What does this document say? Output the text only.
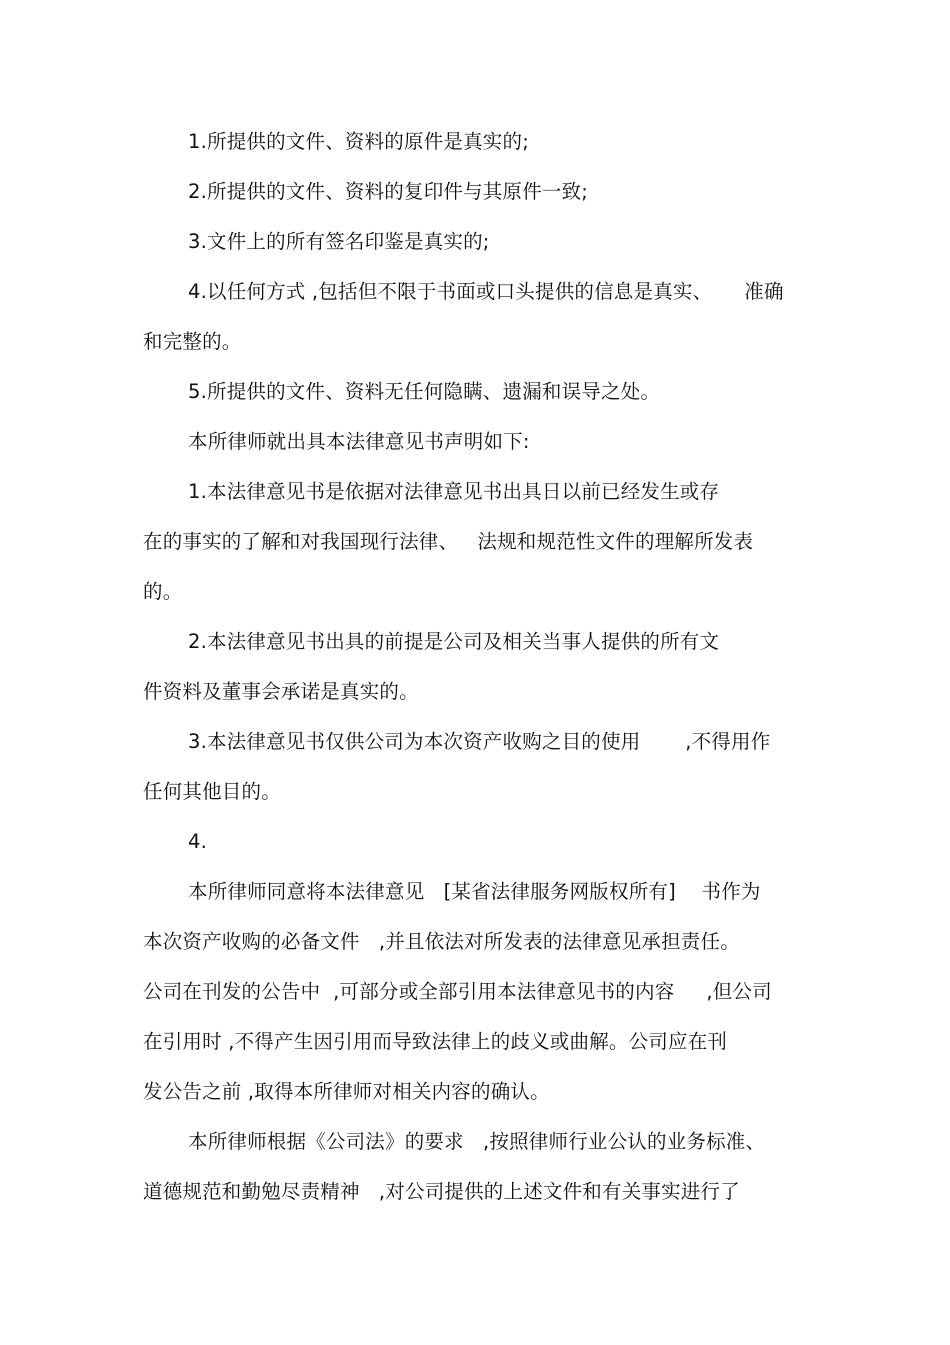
1.所提供的文件、资料的原件是真实的;
2.所提供的文件、资料的复印件与其原件一致;
3.文件上的所有签名印鉴是真实的;
4.以任何方式 ,包括但不限于书面或口头提供的信息是真实、     准确
和完整的。
5.所提供的文件、资料无任何隐瞒、遗漏和误导之处。
本所律师就出具本法律意见书声明如下:
1.本法律意见书是依据对法律意见书出具日以前已经发生或存
在的事实的了解和对我国现行法律、   法规和规范性文件的理解所发表
的。
2.本法律意见书出具的前提是公司及相关当事人提供的所有文
件资料及董事会承诺是真实的。
3.本法律意见书仅供公司为本次资产收购之目的使用       ,不得用作
任何其他目的。
4.
本所律师同意将本法律意见   [某省法律服务网版权所有]    书作为
本次资产收购的必备文件   ,并且依法对所发表的法律意见承担责任。
公司在刊发的公告中  ,可部分或全部引用本法律意见书的内容     ,但公司
在引用时 ,不得产生因引用而导致法律上的歧义或曲解。公司应在刊
发公告之前 ,取得本所律师对相关内容的确认。
本所律师根据《公司法》的要求   ,按照律师行业公认的业务标准、
道德规范和勤勉尽责精神   ,对公司提供的上述文件和有关事实进行了
